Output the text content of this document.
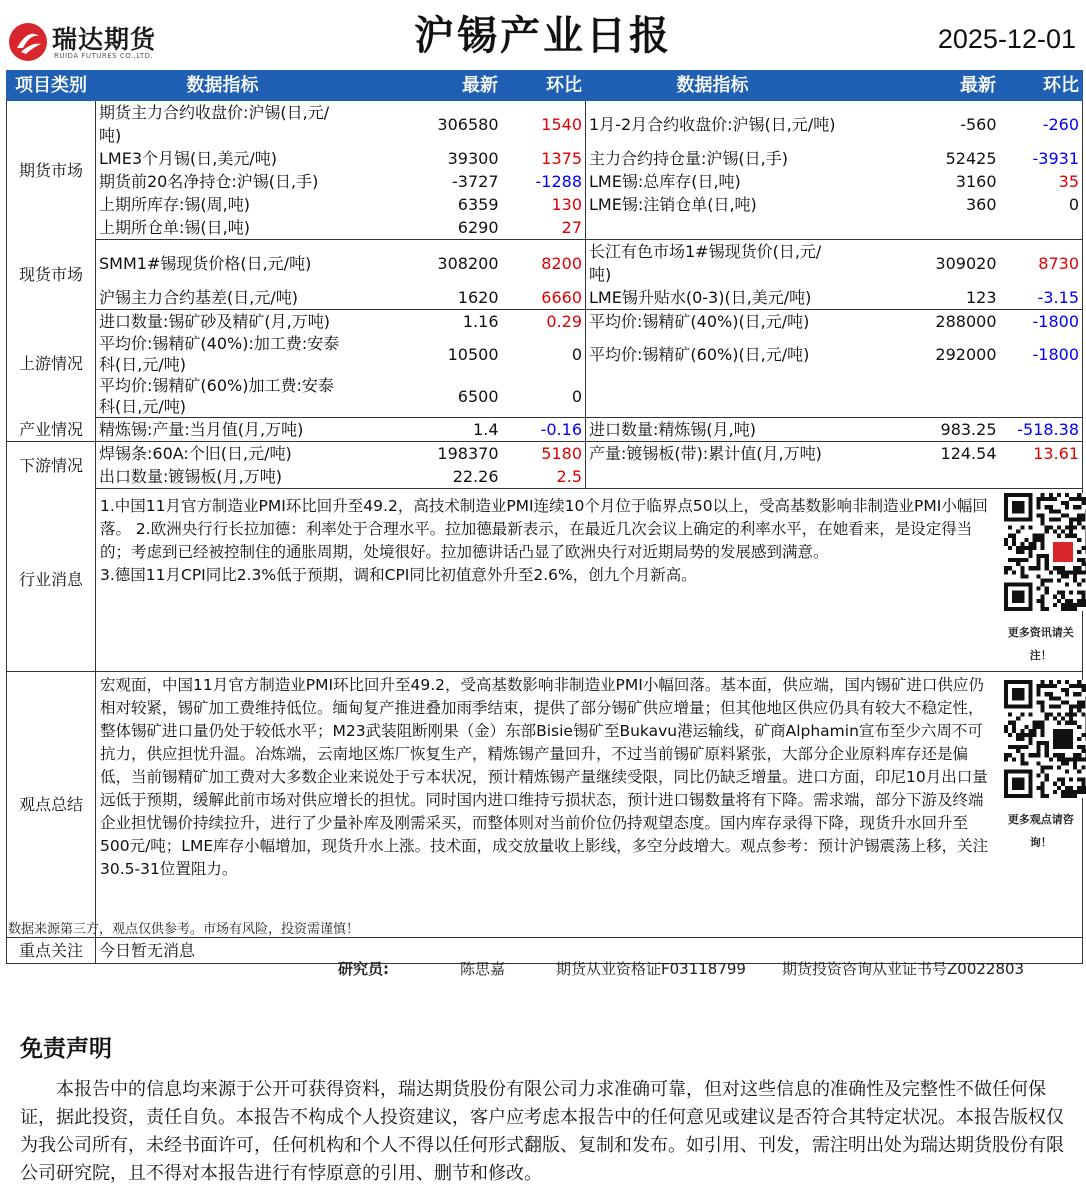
瑞达期货
RUIDA FUTURES CO.,LTD.	沪锡产业日报	2025-12-01
项目类别	数据指标	最新	环比	数据指标	最新	环比
期货市场	期货主力合约收盘价:沪锡(日,元/吨)	306580	1540	1月-2月合约收盘价:沪锡(日,元/吨)	-560	-260
	LME3个月锡(日,美元/吨)	39300	1375	主力合约持仓量:沪锡(日,手)	52425	-3931
	期货前20名净持仓:沪锡(日,手)	-3727	-1288	LME锡:总库存(日,吨)	3160	35
	上期所库存:锡(周,吨)	6359	130	LME锡:注销仓单(日,吨)	360	0
	上期所仓单:锡(日,吨)	6290	27			
现货市场	SMM1#锡现货价格(日,元/吨)	308200	8200	长江有色市场1#锡现货价(日,元/吨)	309020	8730
	沪锡主力合约基差(日,元/吨)	1620	6660	LME锡升贴水(0-3)(日,美元/吨)	123	-3.15
上游情况	进口数量:锡矿砂及精矿(月,万吨)	1.16	0.29	平均价:锡精矿(40%)(日,元/吨)	288000	-1800
	平均价:锡精矿(40%):加工费:安泰科(日,元/吨)	10500	0	平均价:锡精矿(60%)(日,元/吨)	292000	-1800
	平均价:锡精矿(60%)加工费:安泰科(日,元/吨)	6500	0			
产业情况	精炼锡:产量:当月值(月,万吨)	1.4	-0.16	进口数量:精炼锡(月,吨)	983.25	-518.38
下游情况	焊锡条:60A:个旧(日,元/吨)	198370	5180	产量:镀锡板(带):累计值(月,万吨)	124.54	13.61
	出口数量:镀锡板(月,万吨)	22.26	2.5			
行业消息	1.中国11月官方制造业PMI环比回升至49.2，高技术制造业PMI连续10个月位于临界点50以上，受高基数影响非制造业PMI小幅回落。 2.欧洲央行行长拉加德：利率处于合理水平。拉加德最新表示，在最近几次会议上确定的利率水平，在她看来，是设定得当的；考虑到已经被控制住的通胀周期，处境很好。拉加德讲话凸显了欧洲央行对近期局势的发展感到满意。
3.德国11月CPI同比2.3%低于预期，调和CPI同比初值意外升至2.6%，创九个月新高。					更多资讯请关注！

观点总结	宏观面，中国11月官方制造业PMI环比回升至49.2，受高基数影响非制造业PMI小幅回落。基本面，供应端，国内锡矿进口供应仍相对较紧，锡矿加工费维持低位。缅甸复产推进叠加雨季结束，提供了部分锡矿供应增量；但其他地区供应仍具有较大不稳定性，整体锡矿进口量仍处于较低水平；M23武装阻断刚果（金）东部Bisie锡矿至Bukavu港运输线，矿商Alphamin宣布至少六周不可抗力，供应担忧升温。冶炼端，云南地区炼厂恢复生产，精炼锡产量回升，不过当前锡矿原料紧张，大部分企业原料库存还是偏低，当前锡精矿加工费对大多数企业来说处于亏本状况，预计精炼锡产量继续受限，同比仍缺乏增量。进口方面，印尼10月出口量远低于预期，缓解此前市场对供应增长的担忧。同时国内进口维持亏损状态，预计进口锡数量将有下降。需求端，部分下游及终端企业担忧锡价持续拉升，进行了少量补库及刚需采买，而整体则对当前价位仍持观望态度。国内库存录得下降，现货升水回升至500元/吨；LME库存小幅增加，现货升水上涨。技术面，成交放量收上影线，多空分歧增大。观点参考：预计沪锡震荡上移，关注30.5-31位置阻力。					更多观点请咨询！

重点关注	今日暂无消息					
数据来源第三方，观点仅供参考。市场有风险，投资需谨慎！
研究员:	陈思嘉	期货从业资格证F03118799 期货投资咨询从业证书号Z0022803
免责声明
本报告中的信息均来源于公开可获得资料，瑞达期货股份有限公司力求准确可靠，但对这些信息的准确性及完整性不做任何保证，据此投资，责任自负。本报告不构成个人投资建议，客户应考虑本报告中的任何意见或建议是否符合其特定状况。本报告版权仅为我公司所有，未经书面许可，任何机构和个人不得以任何形式翻版、复制和发布。如引用、刊发，需注明出处为瑞达期货股份有限公司研究院，且不得对本报告进行有悖原意的引用、删节和修改。
